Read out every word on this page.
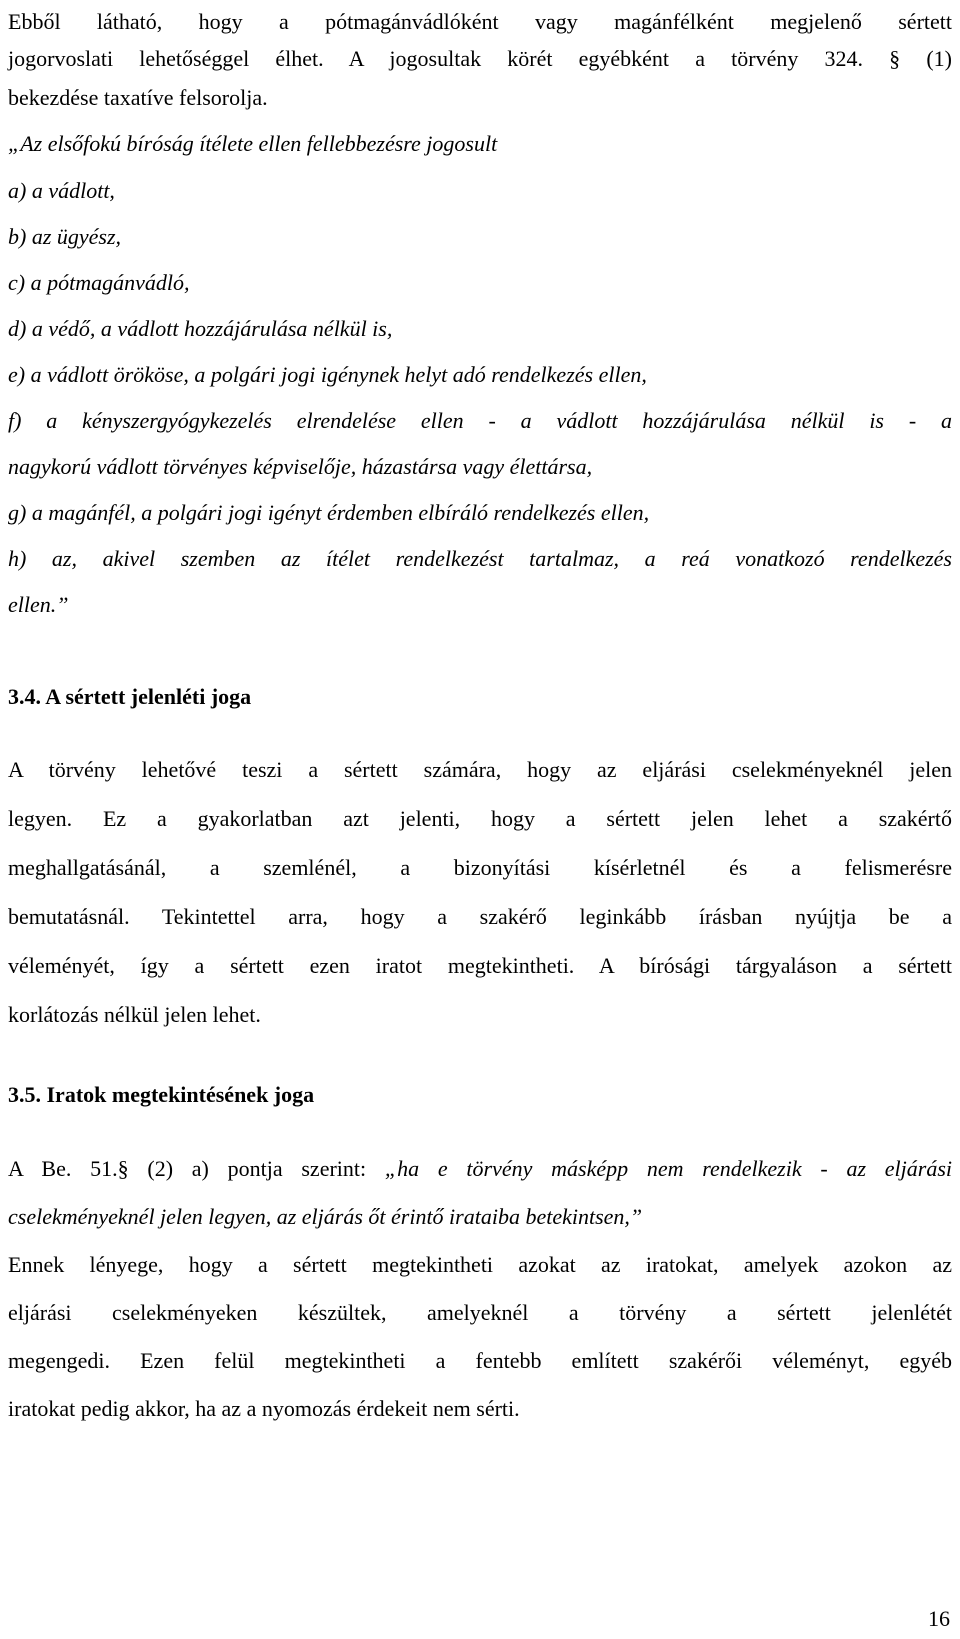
Ebből látható, hogy a pótmagánvádlóként vagy magánfélként megjelenő sértett
jogorvoslati lehetőséggel élhet. A jogosultak körét egyébként a törvény 324. § (1)
bekezdése taxatíve felsorolja.
„Az elsőfokú bíróság ítélete ellen fellebbezésre jogosult
a) a vádlott,
b) az ügyész,
c) a pótmagánvádló,
d) a védő, a vádlott hozzájárulása nélkül is,
e) a vádlott örököse, a polgári jogi igénynek helyt adó rendelkezés ellen,
f) a kényszergyógykezelés elrendelése ellen - a vádlott hozzájárulása nélkül is - a
nagykorú vádlott törvényes képviselője, házastársa vagy élettársa,
g) a magánfél, a polgári jogi igényt érdemben elbíráló rendelkezés ellen,
h) az, akivel szemben az ítélet rendelkezést tartalmaz, a reá vonatkozó rendelkezés
ellen.”
3.4. A sértett jelenléti joga
A törvény lehetővé teszi a sértett számára, hogy az eljárási cselekményeknél jelen
legyen. Ez a gyakorlatban azt jelenti, hogy a sértett jelen lehet a szakértő
meghallgatásánál, a szemlénél, a bizonyítási kísérletnél és a felismerésre
bemutatásnál. Tekintettel arra, hogy a szakérő leginkább írásban nyújtja be a
véleményét, így a sértett ezen iratot megtekintheti. A bírósági tárgyaláson a sértett
korlátozás nélkül jelen lehet.
3.5. Iratok megtekintésének joga
A Be. 51.§ (2) a) pontja szerint: „ha e törvény másképp nem rendelkezik - az eljárási
cselekményeknél jelen legyen, az eljárás őt érintő irataiba betekintsen,”
Ennek lényege, hogy a sértett megtekintheti azokat az iratokat, amelyek azokon az
eljárási cselekményeken készültek, amelyeknél a törvény a sértett jelenlétét
megengedi. Ezen felül megtekintheti a fentebb említett szakérői véleményt, egyéb
iratokat pedig akkor, ha az a nyomozás érdekeit nem sérti.
16
